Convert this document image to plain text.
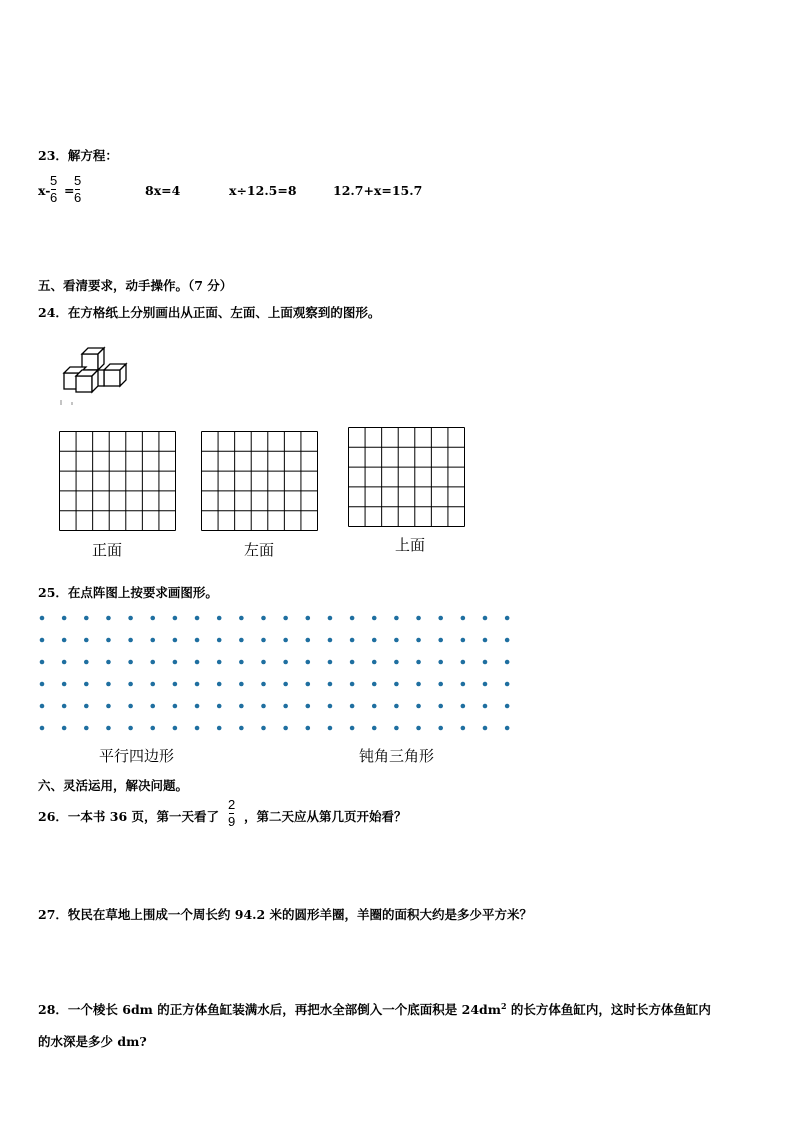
23．解方程：
x-
5
6 =
5
6	8x=4	x÷12.5=8	12.7+x=15.7
五、看清要求，动手操作。（7 分）
24．在方格纸上分别画出从正面、左面、上面观察到的图形。
正面	左面	上面
25．在点阵图上按要求画图形。
平行四边形	钝角三角形
六、灵活运用，解决问题。
26．一本书 36 页，第一天看了
2
9 ，第二天应从第几页开始看？
27．牧民在草地上围成一个周长约 94.2 米的圆形羊圈，羊圈的面积大约是多少平方米？
28．一个棱长 6dm 的正方体鱼缸装满水后，再把水全部倒入一个底面积是 $24dm^2$ 的长方体鱼缸内，这时长方体鱼缸内
的水深是多少 dm?
